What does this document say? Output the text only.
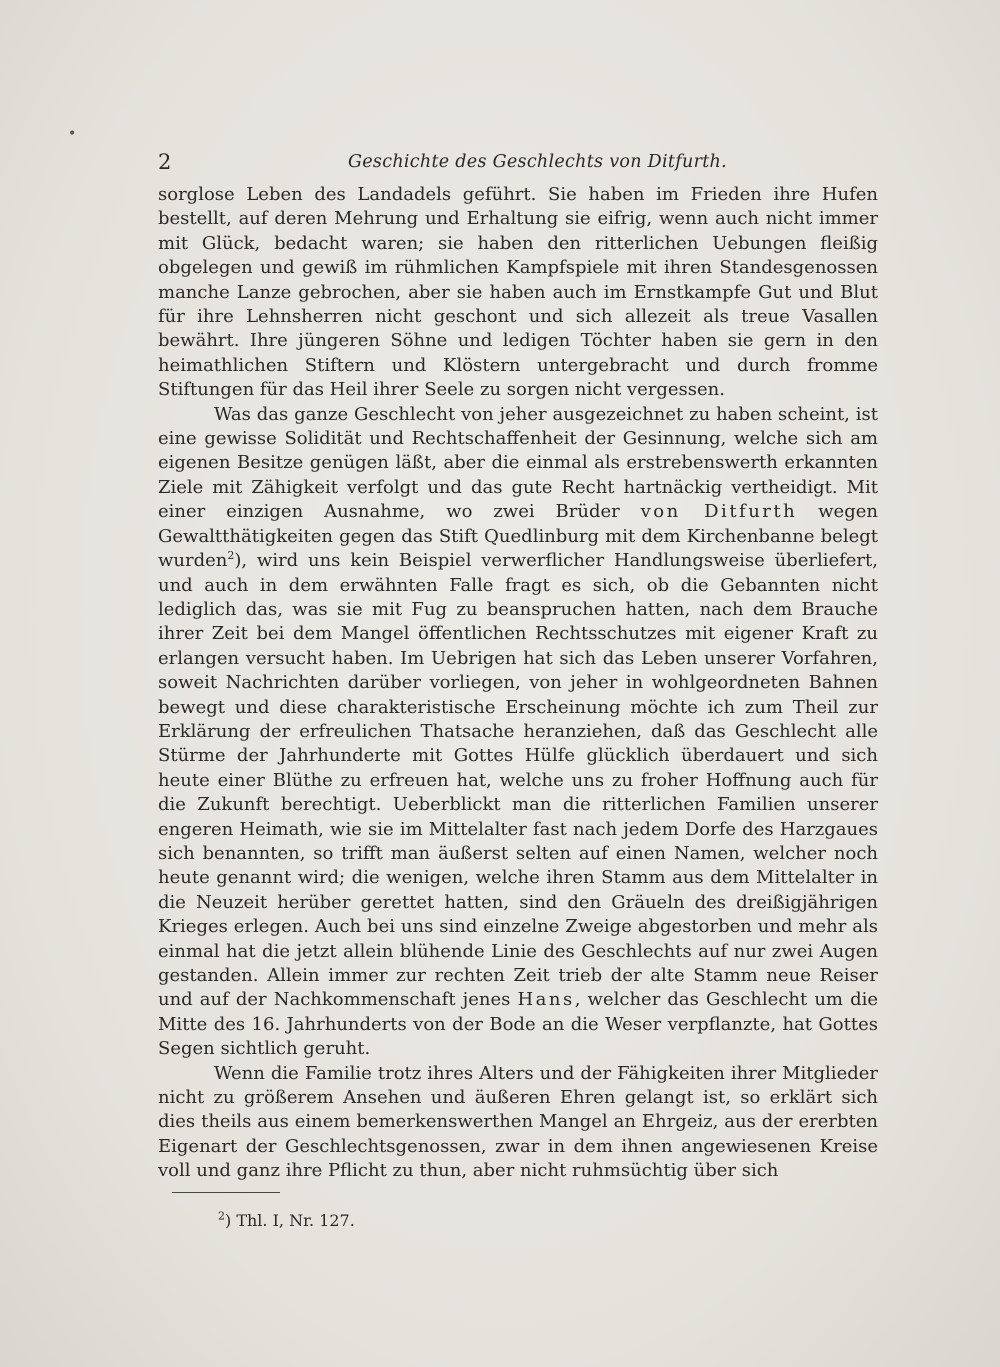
•
2	Geschichte des Geschlechts von Ditfurth.

sorglose Leben des Landadels geführt. Sie haben im Frieden ihre Hufen bestellt, auf deren Mehrung und Erhaltung sie eifrig, wenn auch nicht immer mit Glück, bedacht waren; sie haben den ritterlichen Uebungen fleißig obgelegen und gewiß im rühmlichen Kampfspiele mit ihren Standesgenossen manche Lanze gebrochen, aber sie haben auch im Ernstkampfe Gut und Blut für ihre Lehnsherren nicht geschont und sich allezeit als treue Vasallen bewährt. Ihre jüngeren Söhne und ledigen Töchter haben sie gern in den heimathlichen Stiftern und Klöstern untergebracht und durch fromme Stiftungen für das Heil ihrer Seele zu sorgen nicht vergessen.

Was das ganze Geschlecht von jeher ausgezeichnet zu haben scheint, ist eine gewisse Solidität und Rechtschaffenheit der Gesinnung, welche sich am eigenen Besitze genügen läßt, aber die einmal als erstrebenswerth erkannten Ziele mit Zähigkeit verfolgt und das gute Recht hartnäckig vertheidigt. Mit einer einzigen Ausnahme, wo zwei Brüder von Ditfurth wegen Gewaltthätigkeiten gegen das Stift Quedlinburg mit dem Kirchenbanne belegt wurden$^2$), wird uns kein Beispiel verwerflicher Handlungsweise überliefert, und auch in dem erwähnten Falle fragt es sich, ob die Gebannten nicht lediglich das, was sie mit Fug zu beanspruchen hatten, nach dem Brauche ihrer Zeit bei dem Mangel öffentlichen Rechtsschutzes mit eigener Kraft zu erlangen versucht haben. Im Uebrigen hat sich das Leben unserer Vorfahren, soweit Nachrichten darüber vorliegen, von jeher in wohlgeordneten Bahnen bewegt und diese charakteristische Erscheinung möchte ich zum Theil zur Erklärung der erfreulichen Thatsache heranziehen, daß das Geschlecht alle Stürme der Jahrhunderte mit Gottes Hülfe glücklich überdauert und sich heute einer Blüthe zu erfreuen hat, welche uns zu froher Hoffnung auch für die Zukunft berechtigt. Ueberblickt man die ritterlichen Familien unserer engeren Heimath, wie sie im Mittelalter fast nach jedem Dorfe des Harzgaues sich benannten, so trifft man äußerst selten auf einen Namen, welcher noch heute genannt wird; die wenigen, welche ihren Stamm aus dem Mittelalter in die Neuzeit herüber gerettet hatten, sind den Gräueln des dreißigjährigen Krieges erlegen. Auch bei uns sind einzelne Zweige abgestorben und mehr als einmal hat die jetzt allein blühende Linie des Geschlechts auf nur zwei Augen gestanden. Allein immer zur rechten Zeit trieb der alte Stamm neue Reiser und auf der Nachkommenschaft jenes Hans, welcher das Geschlecht um die Mitte des 16. Jahrhunderts von der Bode an die Weser verpflanzte, hat Gottes Segen sichtlich geruht.

Wenn die Familie trotz ihres Alters und der Fähigkeiten ihrer Mitglieder nicht zu größerem Ansehen und äußeren Ehren gelangt ist, so erklärt sich dies theils aus einem bemerkenswerthen Mangel an Ehrgeiz, aus der ererbten Eigenart der Geschlechtsgenossen, zwar in dem ihnen angewiesenen Kreise voll und ganz ihre Pflicht zu thun, aber nicht ruhmsüchtig über sich

$^2$) Thl. I, Nr. 127.
